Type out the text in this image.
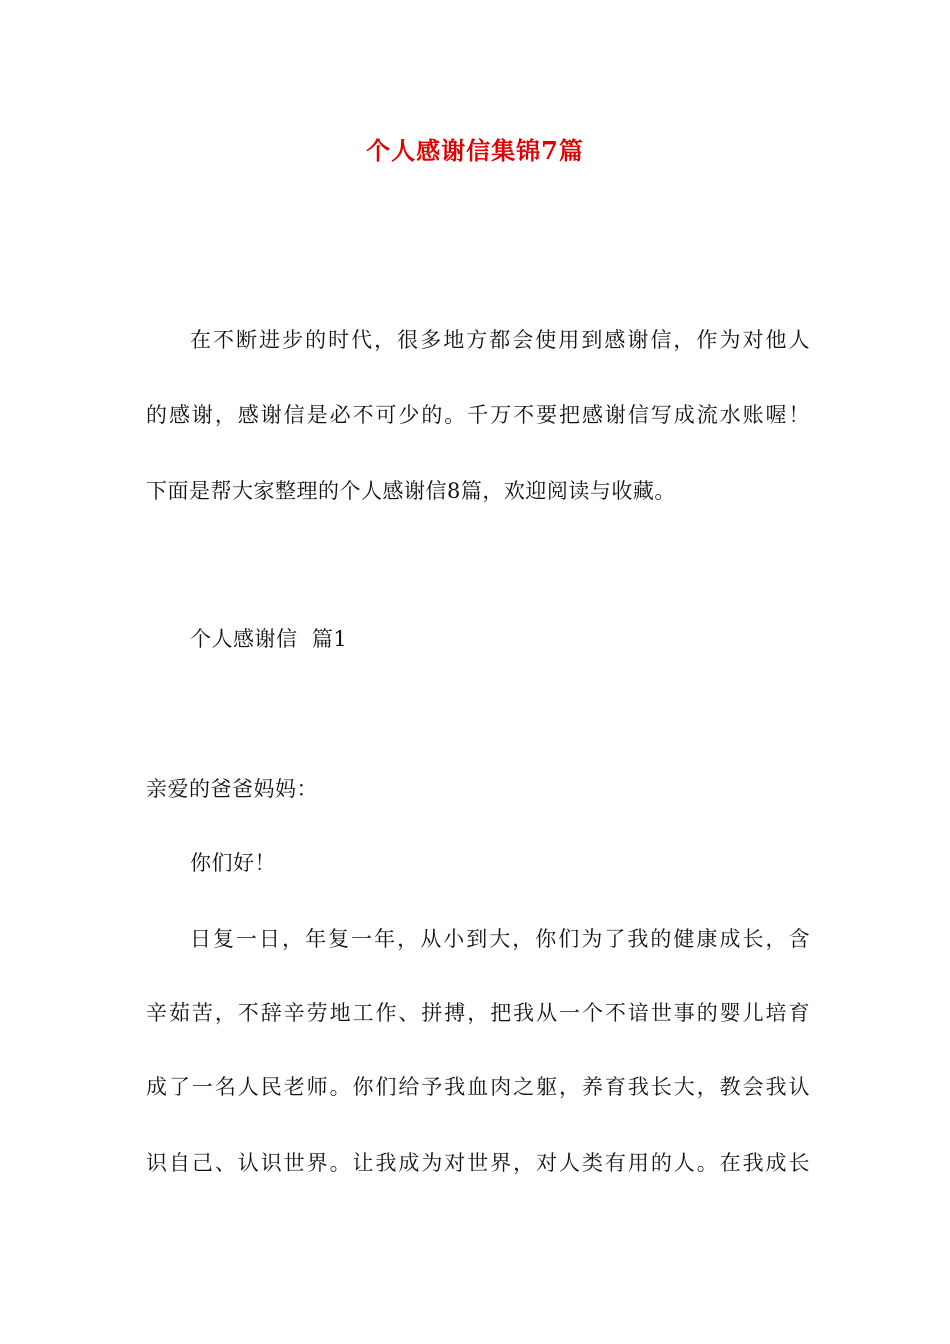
个人感谢信集锦7篇
在不断进步的时代，很多地方都会使用到感谢信，作为对他人
的感谢，感谢信是必不可少的。千万不要把感谢信写成流水账喔！
下面是帮大家整理的个人感谢信8篇，欢迎阅读与收藏。
个人感谢信  篇1
亲爱的爸爸妈妈：
你们好！
日复一日，年复一年，从小到大，你们为了我的健康成长，含
辛茹苦，不辞辛劳地工作、拼搏，把我从一个不谙世事的婴儿培育
成了一名人民老师。你们给予我血肉之躯，养育我长大，教会我认
识自己、认识世界。让我成为对世界，对人类有用的人。在我成长
